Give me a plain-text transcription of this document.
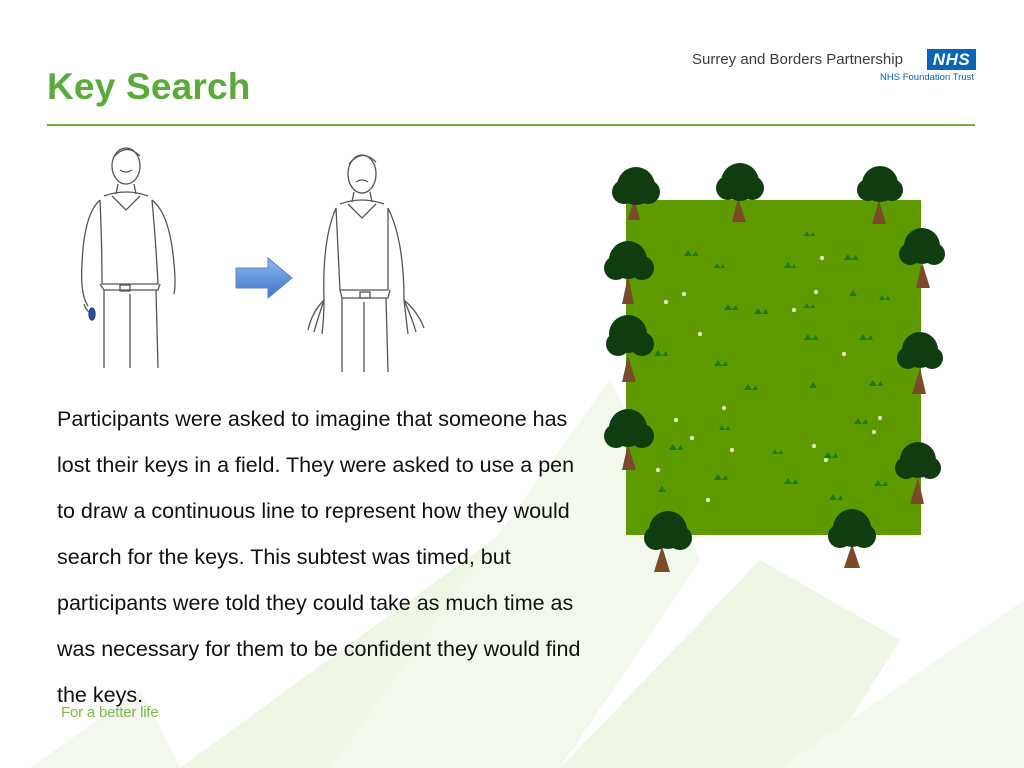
Key Search
Surrey and Borders Partnership	NHS
NHS Foundation Trust

Participants were asked to imagine that someone has lost their keys in a field. They were asked to use a pen to draw a continuous line to represent how they would search for the keys. This subtest was timed, but participants were told they could take as much time as was necessary for them to be confident they would find the keys.

For a better life
